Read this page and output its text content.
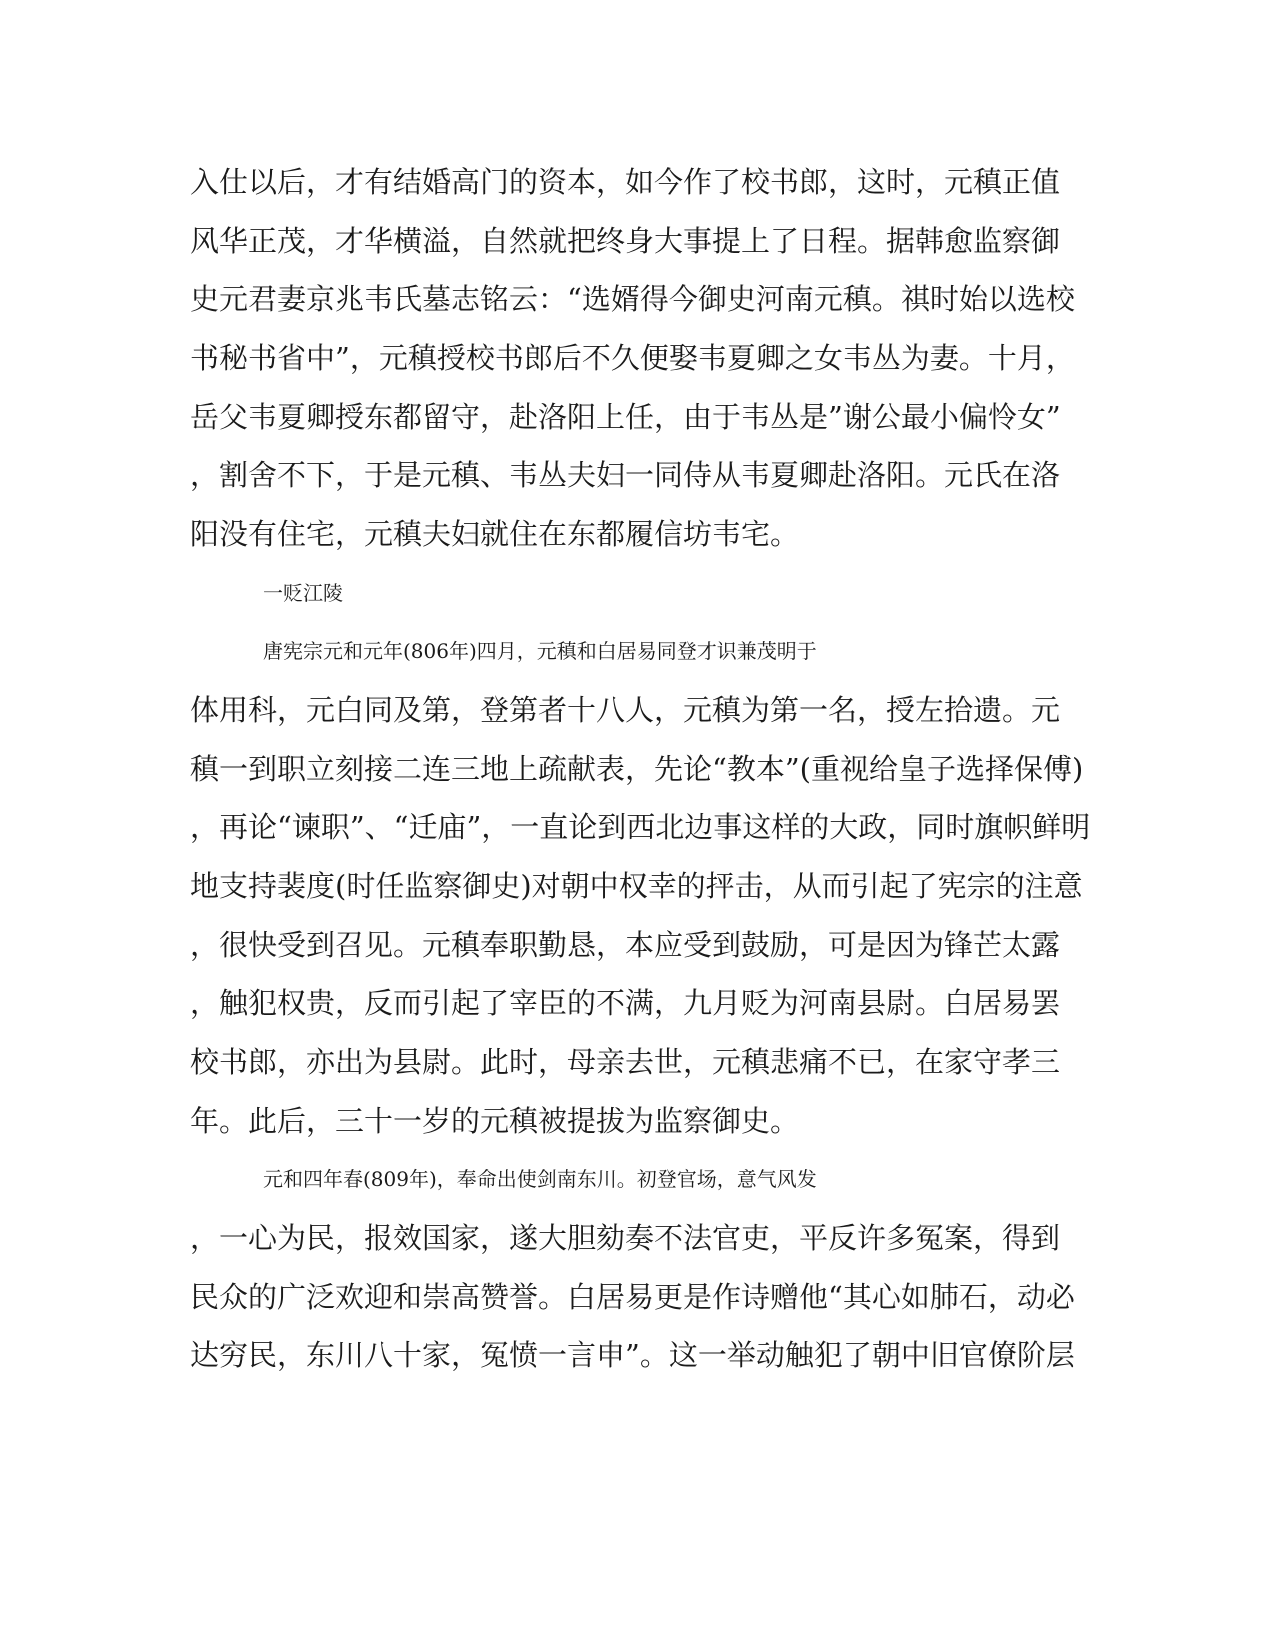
入仕以后，才有结婚高门的资本，如今作了校书郎，这时，元稹正值
风华正茂，才华横溢，自然就把终身大事提上了日程。据韩愈监察御
史元君妻京兆韦氏墓志铭云：“选婿得今御史河南元稹。祺时始以选校
书秘书省中”，元稹授校书郎后不久便娶韦夏卿之女韦丛为妻。十月，
岳父韦夏卿授东都留守，赴洛阳上任，由于韦丛是”谢公最小偏怜女”
，割舍不下，于是元稹、韦丛夫妇一同侍从韦夏卿赴洛阳。元氏在洛
阳没有住宅，元稹夫妇就住在东都履信坊韦宅。
一贬江陵
唐宪宗元和元年(806年)四月，元稹和白居易同登才识兼茂明于
体用科，元白同及第，登第者十八人，元稹为第一名，授左拾遗。元
稹一到职立刻接二连三地上疏献表，先论“教本”(重视给皇子选择保傅)
，再论“谏职”、“迁庙”，一直论到西北边事这样的大政，同时旗帜鲜明
地支持裴度(时任监察御史)对朝中权幸的抨击，从而引起了宪宗的注意
，很快受到召见。元稹奉职勤恳，本应受到鼓励，可是因为锋芒太露
，触犯权贵，反而引起了宰臣的不满，九月贬为河南县尉。白居易罢
校书郎，亦出为县尉。此时，母亲去世，元稹悲痛不已，在家守孝三
年。此后，三十一岁的元稹被提拔为监察御史。
元和四年春(809年)，奉命出使剑南东川。初登官场，意气风发
，一心为民，报效国家，遂大胆劾奏不法官吏，平反许多冤案，得到
民众的广泛欢迎和崇高赞誉。白居易更是作诗赠他“其心如肺石，动必
达穷民，东川八十家，冤愤一言申”。这一举动触犯了朝中旧官僚阶层
